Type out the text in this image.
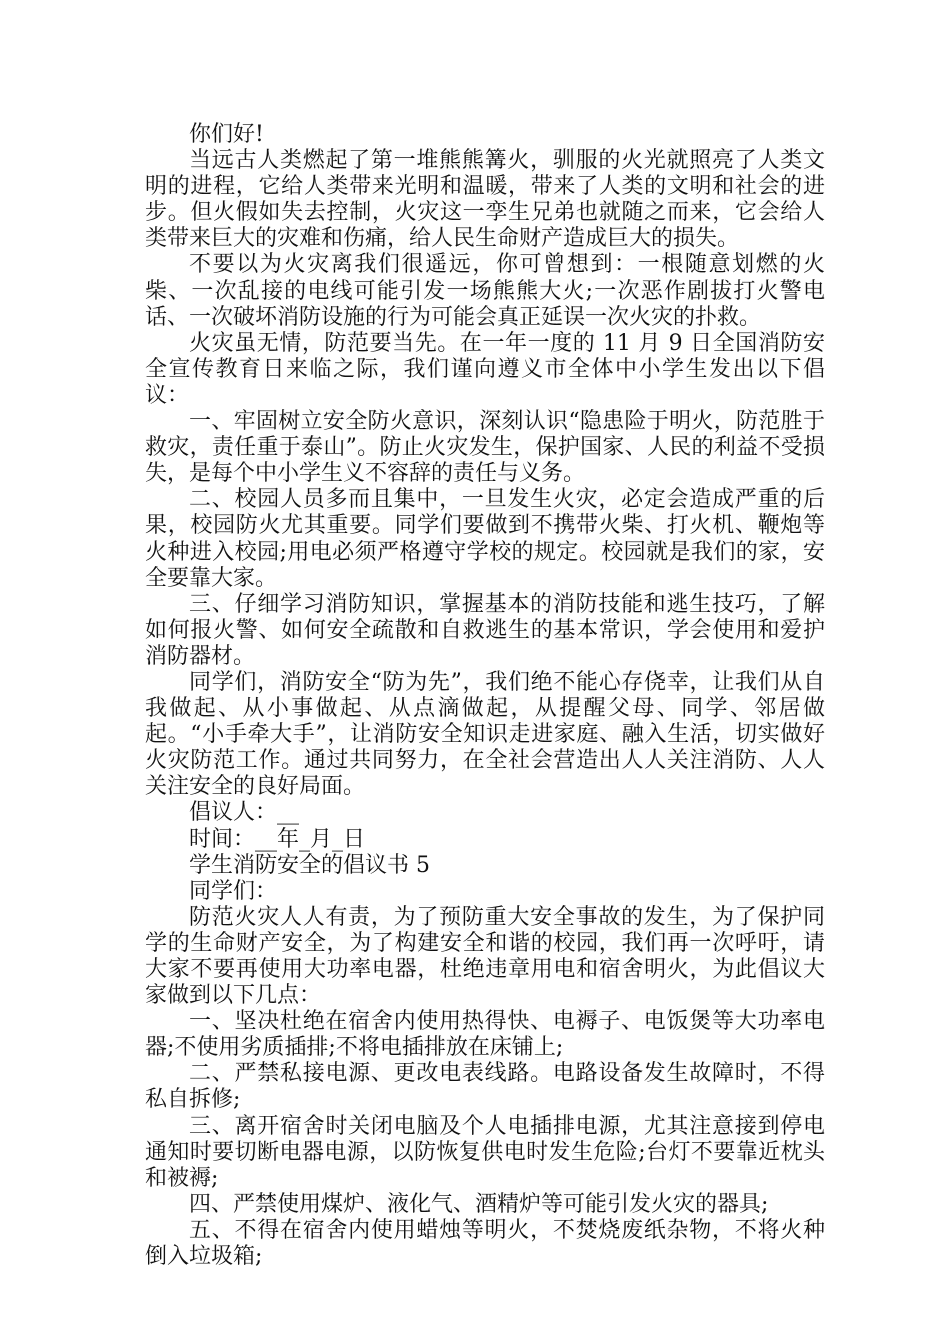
你们好!

当远古人类燃起了第一堆熊熊篝火，驯服的火光就照亮了人类文明的进程，它给人类带来光明和温暖，带来了人类的文明和社会的进步。但火假如失去控制，火灾这一孪生兄弟也就随之而来，它会给人类带来巨大的灾难和伤痛，给人民生命财产造成巨大的损失。

不要以为火灾离我们很遥远，你可曾想到：一根随意划燃的火柴、一次乱接的电线可能引发一场熊熊大火;一次恶作剧拔打火警电话、一次破坏消防设施的行为可能会真正延误一次火灾的扑救。

火灾虽无情，防范要当先。在一年一度的 11 月 9 日全国消防安全宣传教育日来临之际，我们谨向遵义市全体中小学生发出以下倡议：

一、牢固树立安全防火意识，深刻认识“隐患险于明火，防范胜于救灾，责任重于泰山”。防止火灾发生，保护国家、人民的利益不受损失，是每个中小学生义不容辞的责任与义务。

二、校园人员多而且集中，一旦发生火灾，必定会造成严重的后果，校园防火尤其重要。同学们要做到不携带火柴、打火机、鞭炮等火种进入校园;用电必须严格遵守学校的规定。校园就是我们的家，安全要靠大家。

三、仔细学习消防知识，掌握基本的消防技能和逃生技巧，了解如何报火警、如何安全疏散和自救逃生的基本常识，学会使用和爱护消防器材。

同学们，消防安全“防为先”，我们绝不能心存侥幸，让我们从自我做起、从小事做起、从点滴做起，从提醒父母、同学、邻居做起。“小手牵大手”，让消防安全知识走进家庭、融入生活，切实做好火灾防范工作。通过共同努力，在全社会营造出人人关注消防、人人关注安全的良好局面。

倡议人：__

时间：__年_月_日

学生消防安全的倡议书 5

同学们：

防范火灾人人有责，为了预防重大安全事故的发生，为了保护同学的生命财产安全，为了构建安全和谐的校园，我们再一次呼吁，请大家不要再使用大功率电器，杜绝违章用电和宿舍明火，为此倡议大家做到以下几点：

一、坚决杜绝在宿舍内使用热得快、电褥子、电饭煲等大功率电器;不使用劣质插排;不将电插排放在床铺上;

二、严禁私接电源、更改电表线路。电路设备发生故障时，不得私自拆修;

三、离开宿舍时关闭电脑及个人电插排电源，尤其注意接到停电通知时要切断电器电源，以防恢复供电时发生危险;台灯不要靠近枕头和被褥;

四、严禁使用煤炉、液化气、酒精炉等可能引发火灾的器具;

五、不得在宿舍内使用蜡烛等明火，不焚烧废纸杂物，不将火种倒入垃圾箱;
